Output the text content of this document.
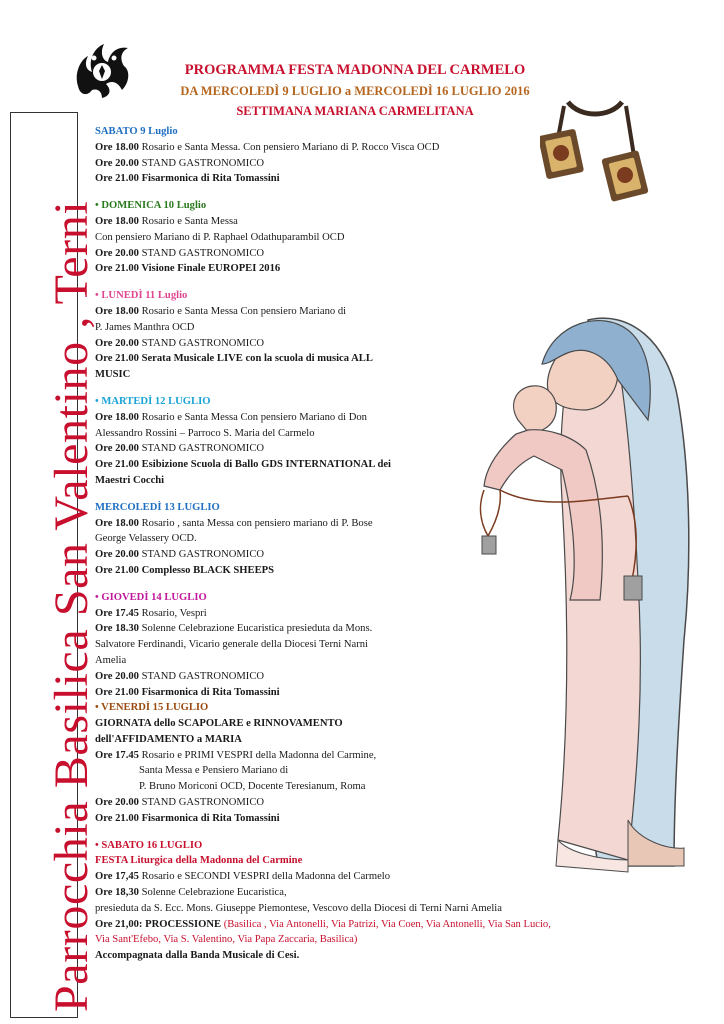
Parrocchia Basilica San Valentino , Terni
PROGRAMMA FESTA MADONNA DEL CARMELO
DA MERCOLEDÌ 9 LUGLIO a MERCOLEDÌ 16 LUGLIO 2016
SETTIMANA MARIANA CARMELITANA
SABATO 9 Luglio
Ore 18.00 Rosario e Santa Messa. Con pensiero Mariano di P. Rocco Visca OCD
Ore 20.00 STAND GASTRONOMICO
Ore 21.00 Fisarmonica di Rita Tomassini
• DOMENICA 10 Luglio
Ore 18.00 Rosario e Santa Messa
Con pensiero Mariano di P. Raphael Odathuparambil OCD
Ore 20.00 STAND GASTRONOMICO
Ore 21.00 Visione Finale EUROPEI 2016
• LUNEDÌ 11 Luglio
Ore 18.00 Rosario e Santa Messa Con pensiero Mariano di
P. James Manthra OCD
Ore 20.00 STAND GASTRONOMICO
Ore 21.00 Serata Musicale LIVE con la scuola di musica ALL
MUSIC
• MARTEDÌ 12 LUGLIO
Ore 18.00 Rosario e Santa Messa Con pensiero Mariano di Don
Alessandro Rossini – Parroco S. Maria del Carmelo
Ore 20.00 STAND GASTRONOMICO
Ore 21.00 Esibizione Scuola di Ballo GDS INTERNATIONAL dei
Maestri Cocchi
MERCOLEDÌ 13 LUGLIO
Ore 18.00 Rosario , santa Messa con pensiero mariano di P. Bose
George Velassery OCD.
Ore 20.00 STAND GASTRONOMICO
Ore 21.00 Complesso BLACK SHEEPS
• GIOVEDÌ 14 LUGLIO
Ore 17.45 Rosario, Vespri
Ore 18.30 Solenne Celebrazione Eucaristica presieduta da Mons.
Salvatore Ferdinandi, Vicario generale della Diocesi Terni Narni
Amelia
Ore 20.00 STAND GASTRONOMICO
Ore 21.00 Fisarmonica di Rita Tomassini
• VENERDÌ 15 LUGLIO
GIORNATA dello SCAPOLARE e RINNOVAMENTO
dell'AFFIDAMENTO a MARIA
Ore 17.45 Rosario e PRIMI VESPRI della Madonna del Carmine,
Santa Messa e Pensiero Mariano di
P. Bruno Moriconi OCD, Docente Teresianum, Roma
Ore 20.00 STAND GASTRONOMICO
Ore 21.00 Fisarmonica di Rita Tomassini
• SABATO 16 LUGLIO
FESTA Liturgica della Madonna del Carmine
Ore 17,45 Rosario e SECONDI VESPRI della Madonna del Carmelo
Ore 18,30 Solenne Celebrazione Eucaristica,
presieduta da S. Ecc. Mons. Giuseppe Piemontese, Vescovo della Diocesi di Terni Narni Amelia
Ore 21,00: PROCESSIONE (Basilica , Via Antonelli, Via Patrizi, Via Coen, Via Antonelli, Via San Lucio,
Via Sant'Efebo, Via S. Valentino, Via Papa Zaccaria, Basilica)
Accompagnata dalla Banda Musicale di Cesi.
